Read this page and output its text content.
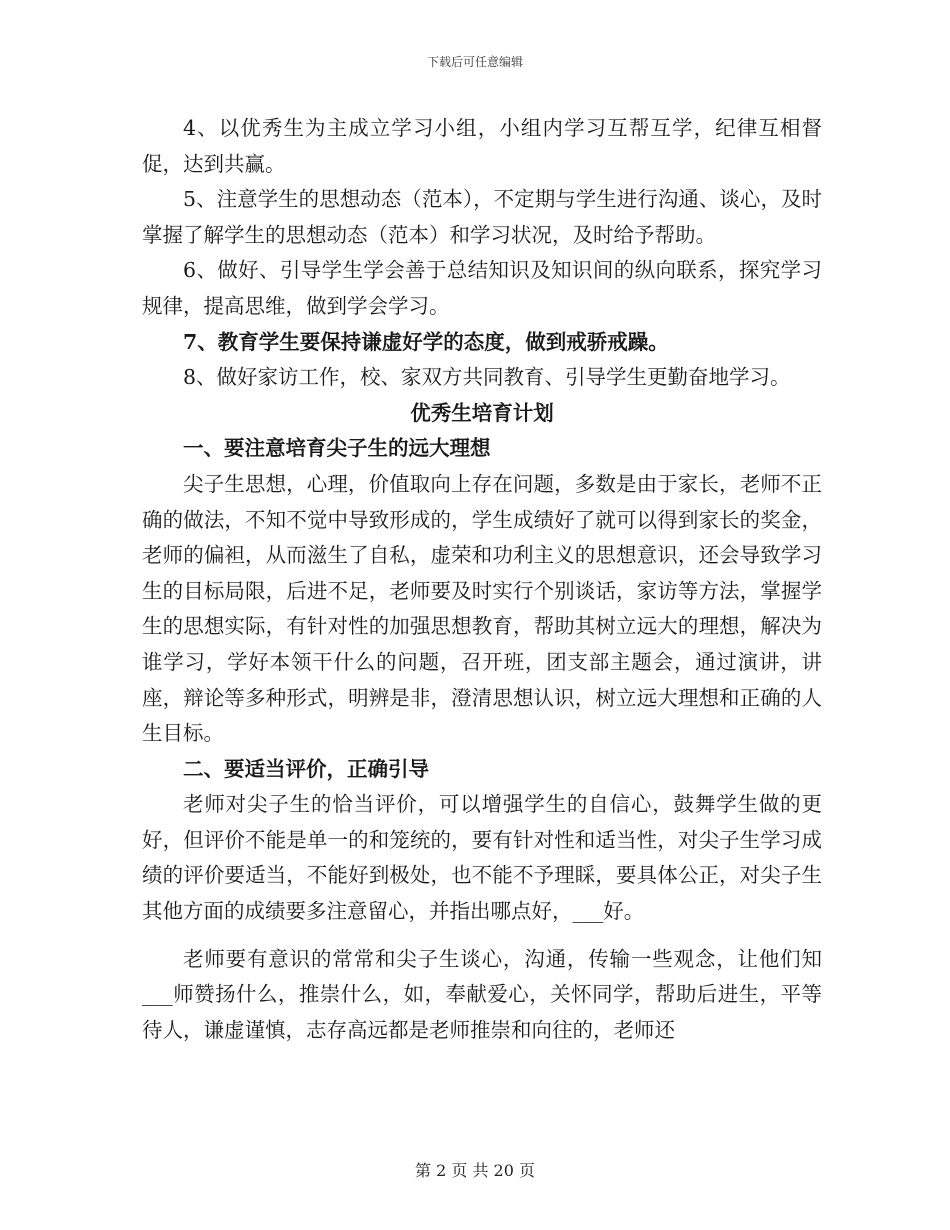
下载后可任意编辑

4、以优秀生为主成立学习小组，小组内学习互帮互学，纪律互相督促，达到共赢。

5、注意学生的思想动态（范本），不定期与学生进行沟通、谈心，及时掌握了解学生的思想动态（范本）和学习状况，及时给予帮助。

6、做好、引导学生学会善于总结知识及知识间的纵向联系，探究学习规律，提高思维，做到学会学习。

7、教育学生要保持谦虚好学的态度，做到戒骄戒躁。

8、做好家访工作，校、家双方共同教育、引导学生更勤奋地学习。

优秀生培育计划

一、要注意培育尖子生的远大理想

尖子生思想，心理，价值取向上存在问题，多数是由于家长，老师不正确的做法，不知不觉中导致形成的，学生成绩好了就可以得到家长的奖金，老师的偏袒，从而滋生了自私，虚荣和功利主义的思想意识，还会导致学习生的目标局限，后进不足，老师要及时实行个别谈话，家访等方法，掌握学生的思想实际，有针对性的加强思想教育，帮助其树立远大的理想，解决为谁学习，学好本领干什么的问题，召开班，团支部主题会，通过演讲，讲座，辩论等多种形式，明辨是非，澄清思想认识，树立远大理想和正确的人生目标。

二、要适当评价，正确引导

老师对尖子生的恰当评价，可以增强学生的自信心，鼓舞学生做的更好，但评价不能是单一的和笼统的，要有针对性和适当性，对尖子生学习成绩的评价要适当，不能好到极处，也不能不予理睬，要具体公正，对尖子生其他方面的成绩要多注意留心，并指出哪点好，___好。

老师要有意识的常常和尖子生谈心，沟通，传输一些观念，让他们知___师赞扬什么，推崇什么，如，奉献爱心，关怀同学，帮助后进生，平等待人，谦虚谨慎，志存高远都是老师推崇和向往的，老师还

第 2 页 共 20 页
